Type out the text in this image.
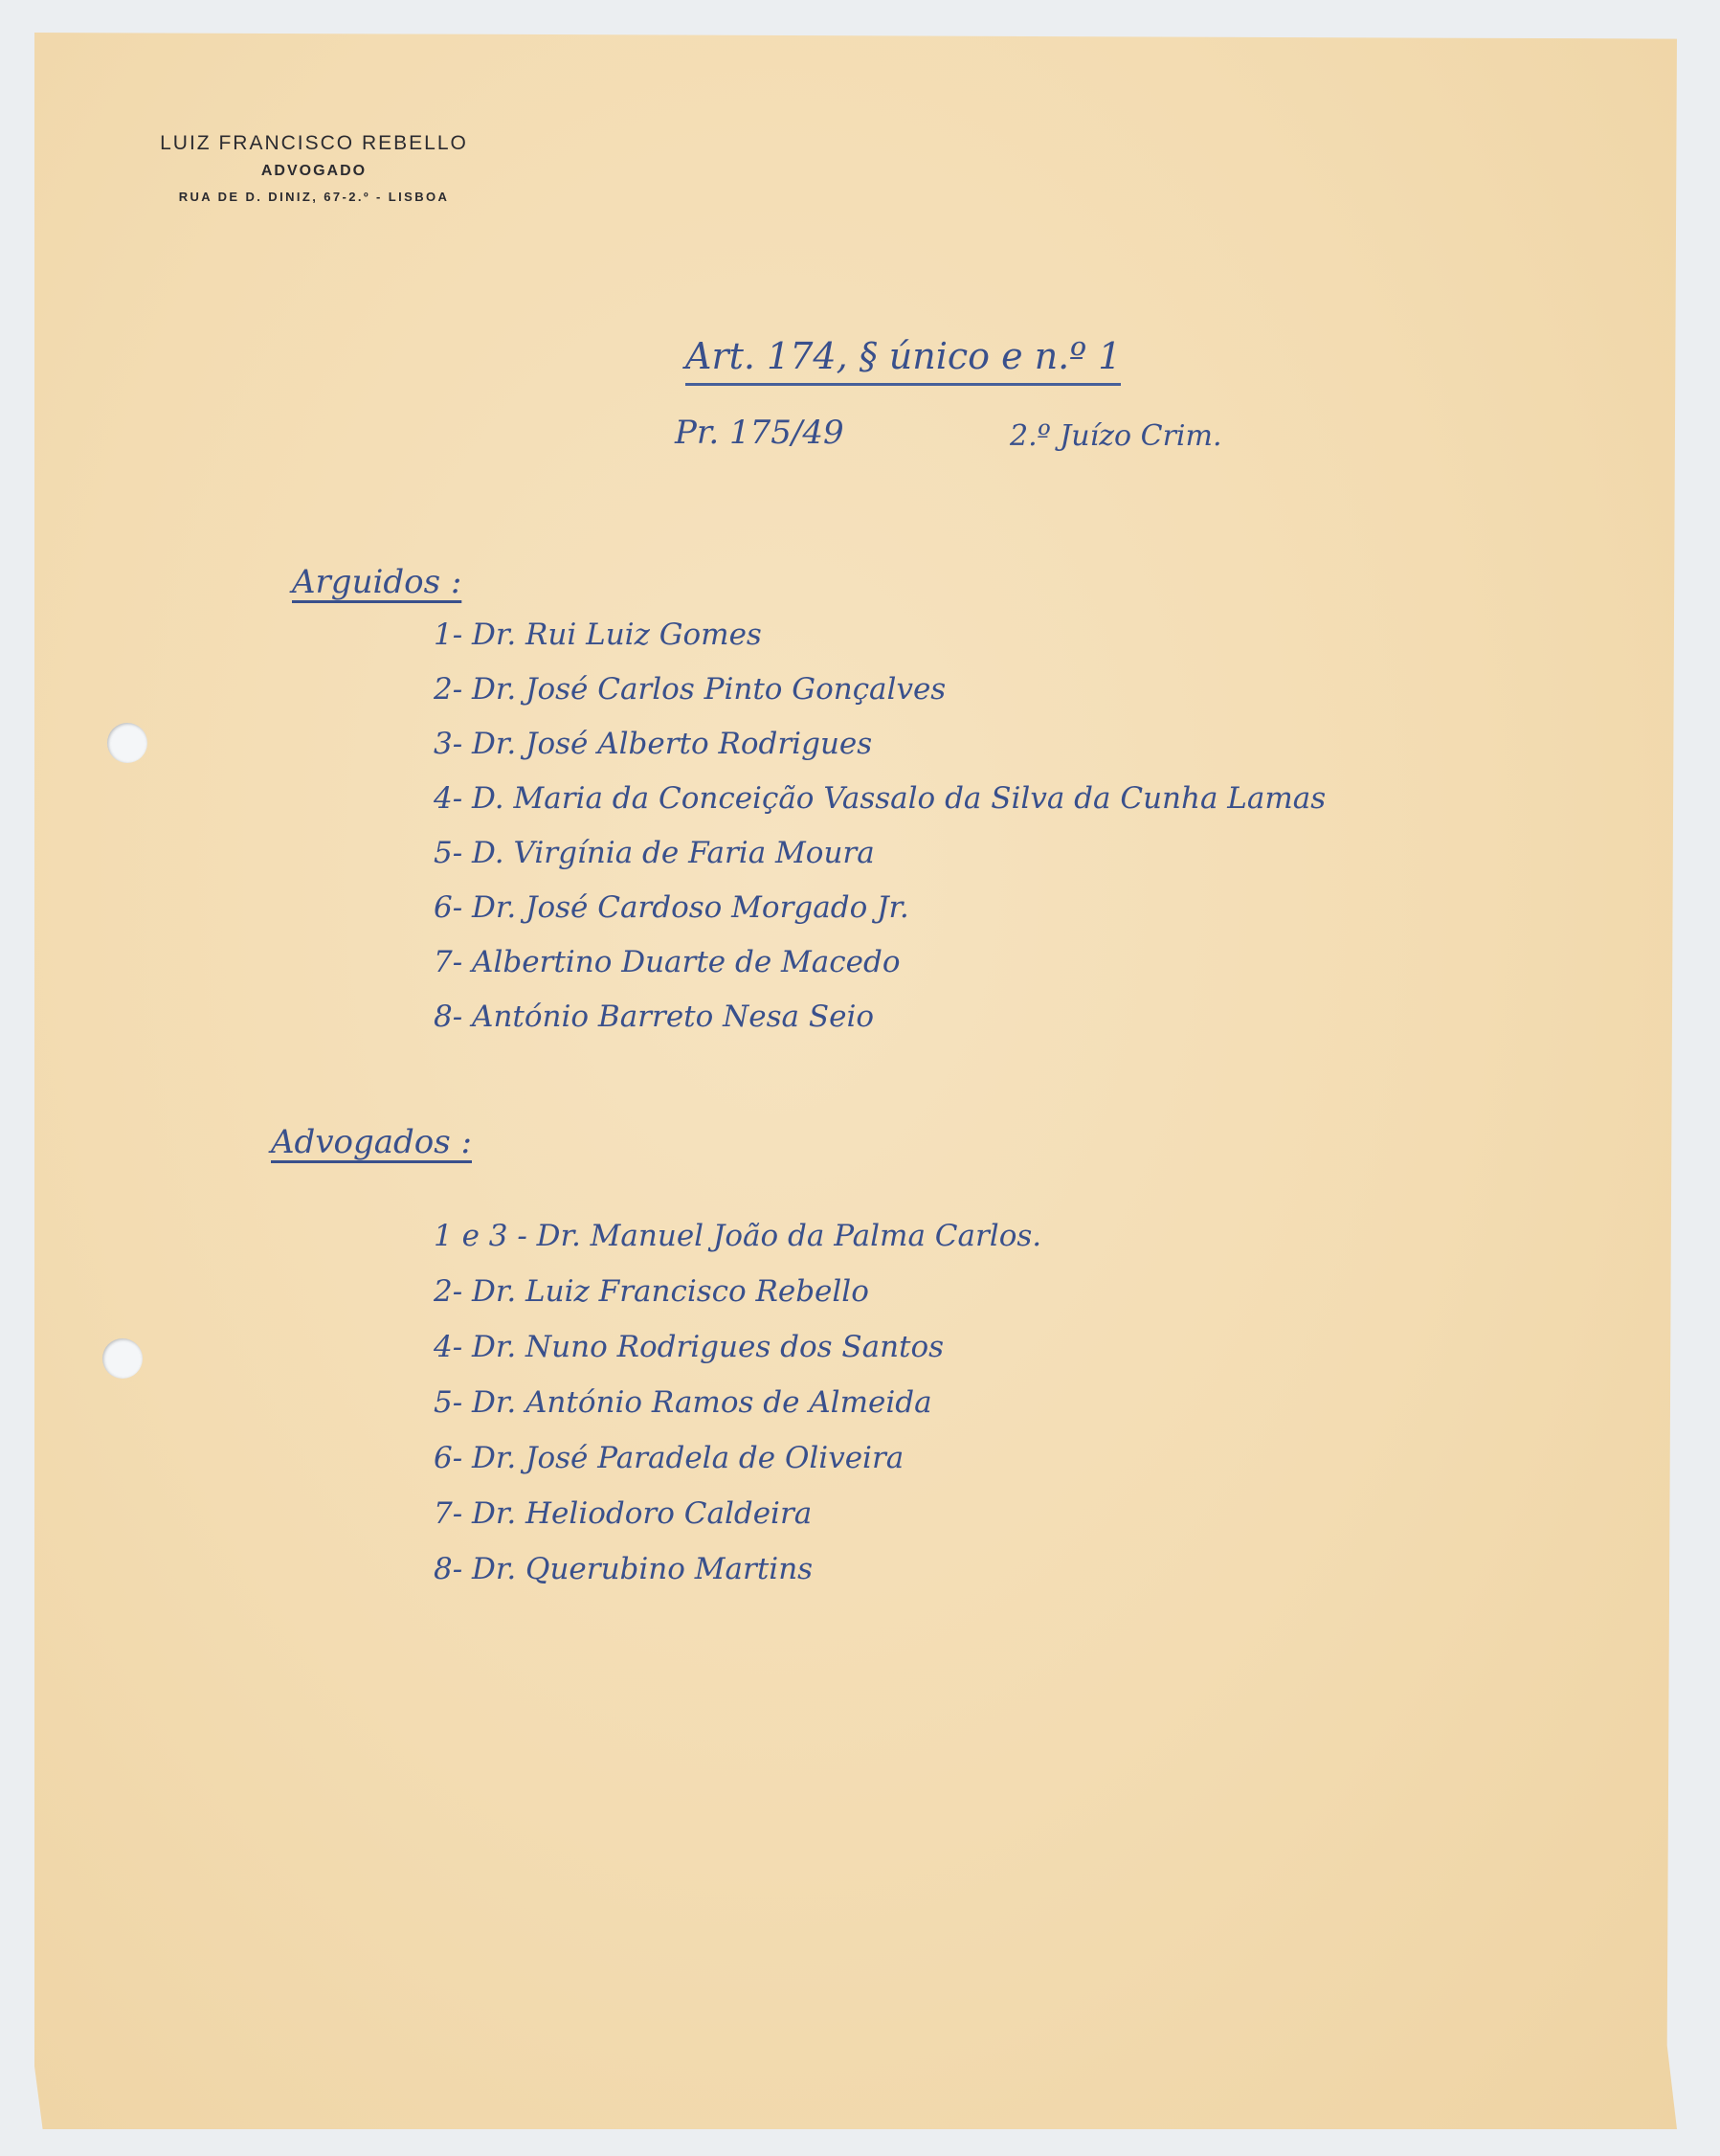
LUIZ FRANCISCO REBELLO
ADVOGADO
RUA DE D. DINIZ, 67-2.º - LISBOA
Art. 174, § único e n.º 1
Pr. 175/49	2.º Juízo Crim.
Arguidos :
1- Dr. Rui Luiz Gomes
2- Dr. José Carlos Pinto Gonçalves
3- Dr. José Alberto Rodrigues
4- D. Maria da Conceição Vassalo da Silva da Cunha Lamas
5- D. Virgínia de Faria Moura
6- Dr. José Cardoso Morgado Jr.
7- Albertino Duarte de Macedo
8- António Barreto Nesa Seio
Advogados :
1 e 3 - Dr. Manuel João da Palma Carlos.
2- Dr. Luiz Francisco Rebello
4- Dr. Nuno Rodrigues dos Santos
5- Dr. António Ramos de Almeida
6- Dr. José Paradela de Oliveira
7- Dr. Heliodoro Caldeira
8- Dr. Querubino Martins
